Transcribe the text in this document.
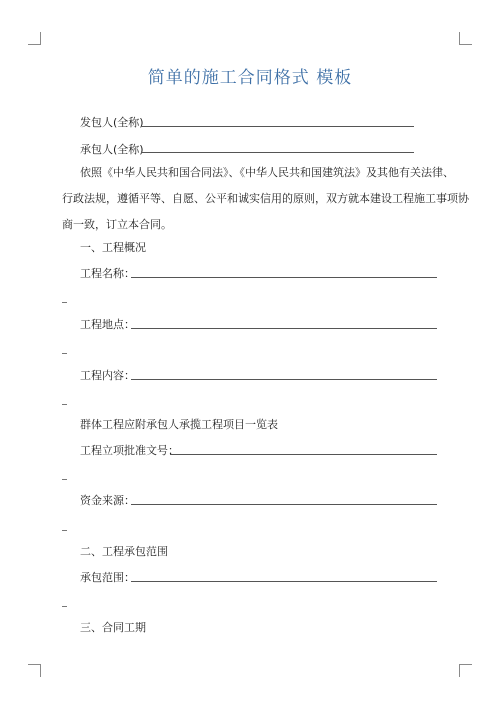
简单的施工合同格式 模板
发包人(全称)
承包人(全称)
依照《中华人民共和国合同法》、《中华人民共和国建筑法》及其他有关法律、
行政法规，遵循平等、自愿、公平和诚实信用的原则，双方就本建设工程施工事项协
商一致，订立本合同。
一、工程概况
工程名称：
工程地点：
工程内容：
群体工程应附承包人承揽工程项目一览表
工程立项批准文号：
资金来源：
二、工程承包范围
承包范围：
三、合同工期
